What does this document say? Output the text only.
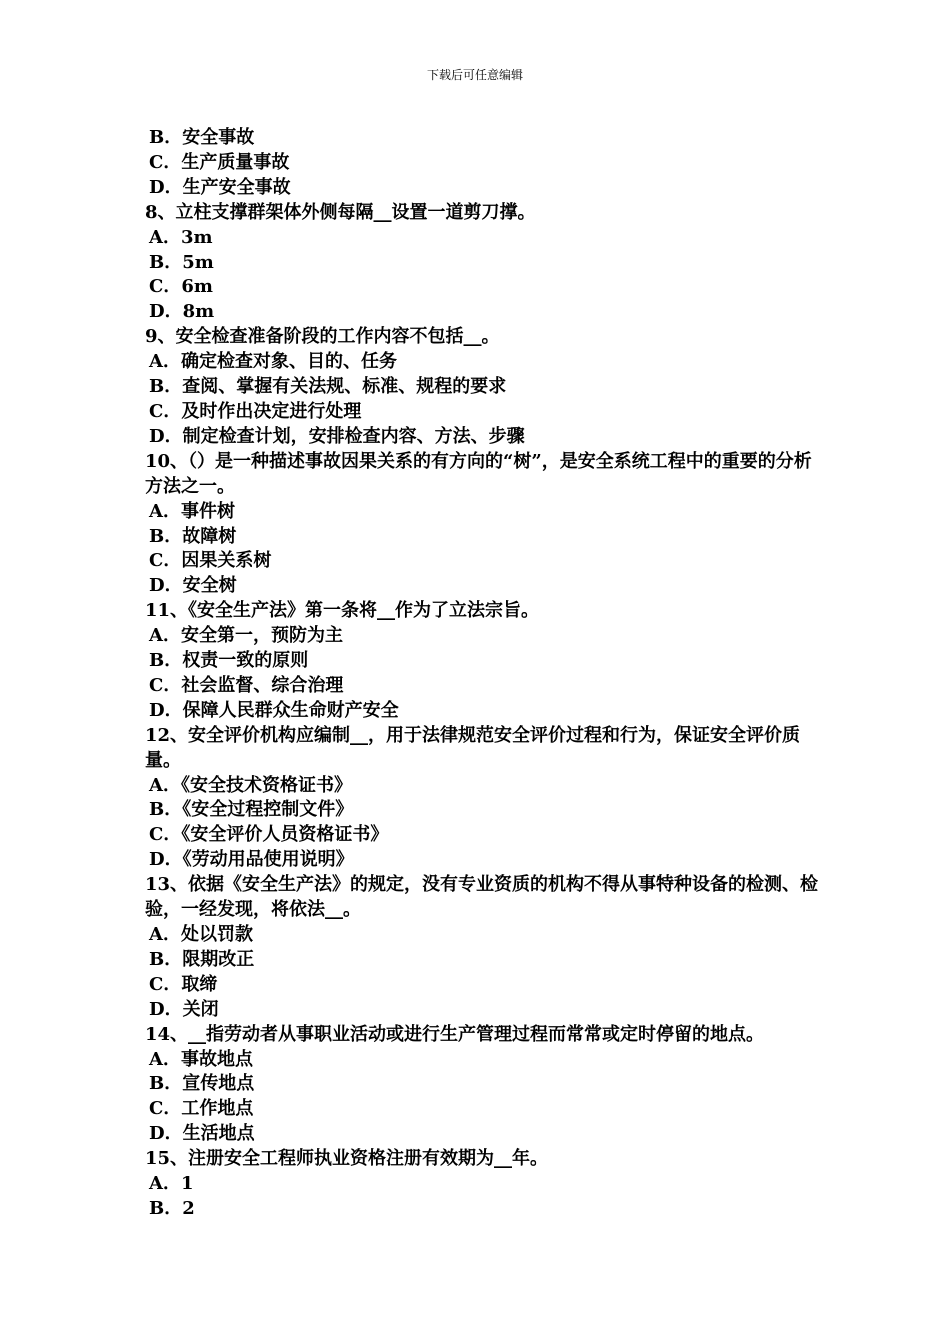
下载后可任意编辑

B．安全事故

C．生产质量事故

D．生产安全事故

8、立柱支撑群架体外侧每隔__设置一道剪刀撑。

A．3m

B．5m

C．6m

D．8m

9、安全检查准备阶段的工作内容不包括__。

A．确定检查对象、目的、任务

B．查阅、掌握有关法规、标准、规程的要求

C．及时作出决定进行处理

D．制定检查计划，安排检查内容、方法、步骤

10、（）是一种描述事故因果关系的有方向的“树”，是安全系统工程中的重要的分析方法之一。

A．事件树

B．故障树

C．因果关系树

D．安全树

11、《安全生产法》第一条将__作为了立法宗旨。

A．安全第一，预防为主

B．权责一致的原则

C．社会监督、综合治理

D．保障人民群众生命财产安全

12、安全评价机构应编制__，用于法律规范安全评价过程和行为，保证安全评价质量。

A．《安全技术资格证书》

B．《安全过程控制文件》

C．《安全评价人员资格证书》

D．《劳动用品使用说明》

13、依据《安全生产法》的规定，没有专业资质的机构不得从事特种设备的检测、检验，一经发现，将依法__。

A．处以罚款

B．限期改正

C．取缔

D．关闭

14、__指劳动者从事职业活动或进行生产管理过程而常常或定时停留的地点。

A．事故地点

B．宣传地点

C．工作地点

D．生活地点

15、注册安全工程师执业资格注册有效期为__年。

A．1

B．2
